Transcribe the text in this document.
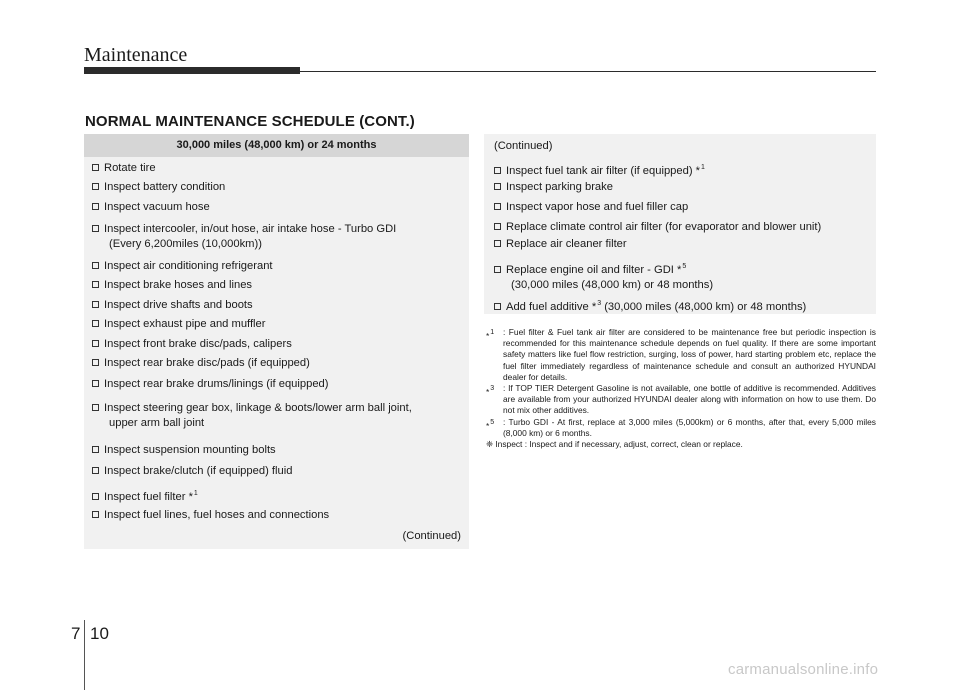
Maintenance
NORMAL MAINTENANCE SCHEDULE (CONT.)
30,000 miles (48,000 km) or 24 months
Rotate tire
Inspect battery condition
Inspect vacuum hose
Inspect intercooler, in/out hose, air intake hose - Turbo GDI
(Every 6,200miles (10,000km))
Inspect air conditioning refrigerant
Inspect brake hoses and lines
Inspect drive shafts and boots
Inspect exhaust pipe and muffler
Inspect front brake disc/pads, calipers
Inspect rear brake disc/pads (if equipped)
Inspect rear brake drums/linings (if equipped)
Inspect steering gear box, linkage & boots/lower arm ball joint,
upper arm ball joint
Inspect suspension mounting bolts
Inspect brake/clutch (if equipped) fluid
Inspect fuel filter *$^1$
Inspect fuel lines, fuel hoses and connections
(Continued)
(Continued)
Inspect fuel tank air filter (if equipped) *$^1$
Inspect parking brake
Inspect vapor hose and fuel filler cap
Replace climate control air filter (for evaporator and blower unit)
Replace air cleaner filter
Replace engine oil and filter - GDI *$^5$
(30,000 miles (48,000 km) or 48 months)
Add fuel additive *$^3$ (30,000 miles (48,000 km) or 48 months)
*$^1$ : Fuel filter & Fuel tank air filter are considered to be maintenance free but periodic inspection is recommended for this maintenance schedule depends on fuel quality. If there are some important safety matters like fuel flow restriction, surging, loss of power, hard starting problem etc, replace the fuel filter immediately regardless of maintenance schedule and consult an authorized HYUNDAI dealer for details.
*$^3$ : If TOP TIER Detergent Gasoline is not available, one bottle of additive is recommended. Additives are available from your authorized HYUNDAI dealer along with information on how to use them. Do not mix other additives.
*$^5$ : Turbo GDI - At first, replace at 3,000 miles (5,000km) or 6 months, after that, every 5,000 miles (8,000 km) or 6 months.
❈ Inspect : Inspect and if necessary, adjust, correct, clean or replace.
7 10
carmanualsonline.info
